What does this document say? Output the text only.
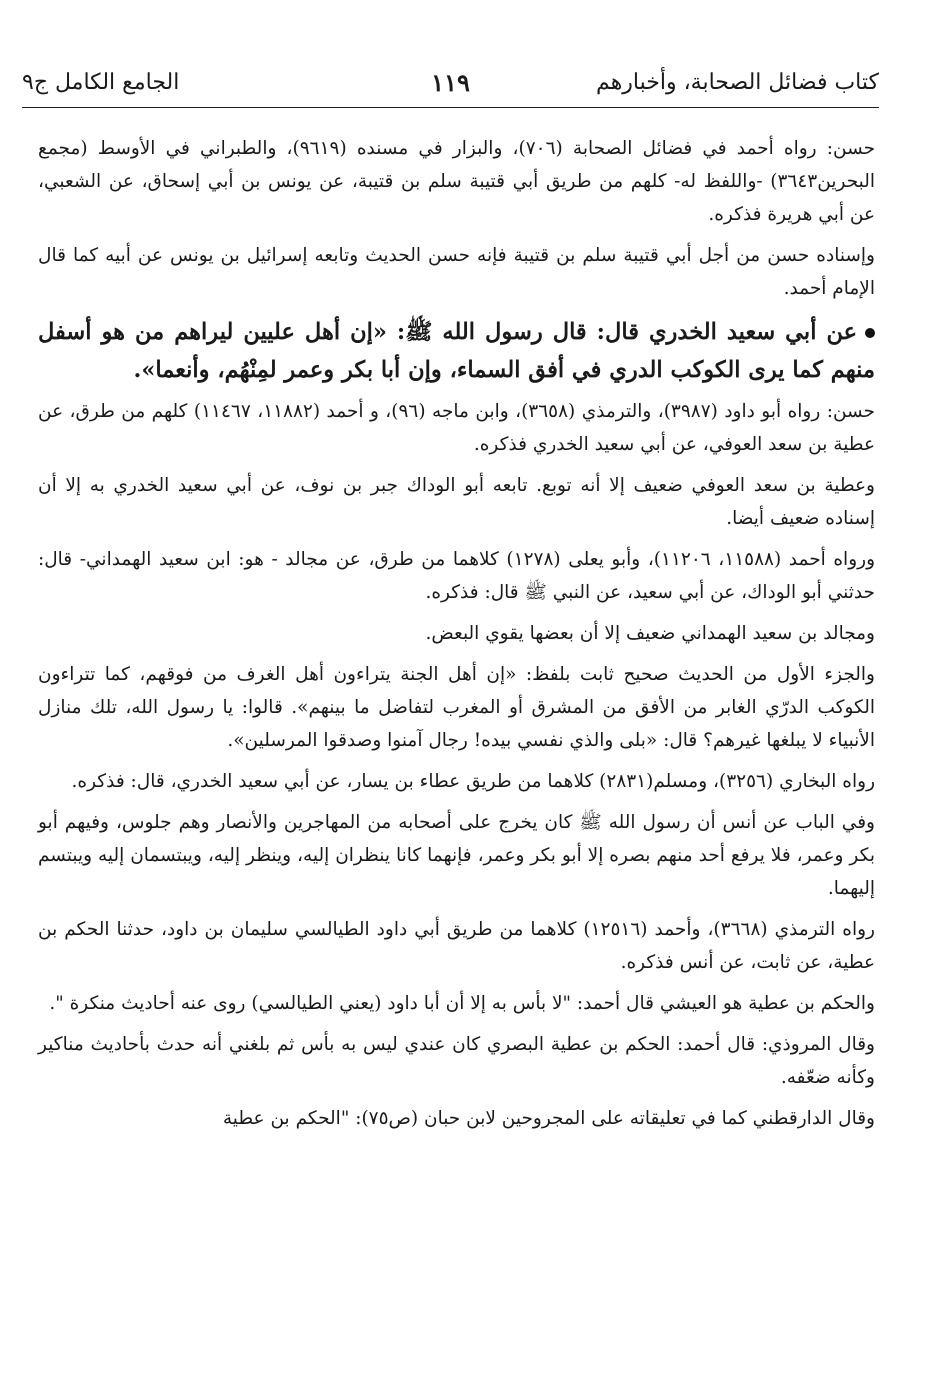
كتاب فضائل الصحابة، وأخبارهم
١١٩
الجامع الكامل ج٩

حسن: رواه أحمد في فضائل الصحابة (٧٠٦)، والبزار في مسنده (٩٦١٩)، والطبراني في الأوسط (مجمع البحرين٣٦٤٣) -واللفظ له- كلهم من طريق أبي قتيبة سلم بن قتيبة، عن يونس بن أبي إسحاق، عن الشعبي، عن أبي هريرة فذكره.

وإسناده حسن من أجل أبي قتيبة سلم بن قتيبة فإنه حسن الحديث وتابعه إسرائيل بن يونس عن أبيه كما قال الإمام أحمد.

عن أبي سعيد الخدري قال: قال رسول الله ﷺ: «إن أهل عليين ليراهم من هو أسفل منهم كما يرى الكوكب الدري في أفق السماء، وإن أبا بكر وعمر لمِنْهُم، وأنعما».

حسن: رواه أبو داود (٣٩٨٧)، والترمذي (٣٦٥٨)، وابن ماجه (٩٦)، و أحمد (١١٨٨٢، ١١٤٦٧) كلهم من طرق، عن عطية بن سعد العوفي، عن أبي سعيد الخدري فذكره.

وعطية بن سعد العوفي ضعيف إلا أنه توبع. تابعه أبو الوداك جبر بن نوف، عن أبي سعيد الخدري به إلا أن إسناده ضعيف أيضا.

ورواه أحمد (١١٥٨٨، ١١٢٠٦)، وأبو يعلى (١٢٧٨) كلاهما من طرق، عن مجالد - هو: ابن سعيد الهمداني- قال: حدثني أبو الوداك، عن أبي سعيد، عن النبي ﷺ قال: فذكره.

ومجالد بن سعيد الهمداني ضعيف إلا أن بعضها يقوي البعض.

والجزء الأول من الحديث صحيح ثابت بلفظ: «إن أهل الجنة يتراءون أهل الغرف من فوقهم، كما تتراءون الكوكب الدرّي الغابر من الأفق من المشرق أو المغرب لتفاضل ما بينهم». قالوا: يا رسول الله، تلك منازل الأنبياء لا يبلغها غيرهم؟ قال: «بلى والذي نفسي بيده! رجال آمنوا وصدقوا المرسلين».

رواه البخاري (٣٢٥٦)، ومسلم(٢٨٣١) كلاهما من طريق عطاء بن يسار، عن أبي سعيد الخدري، قال: فذكره.

وفي الباب عن أنس أن رسول الله ﷺ كان يخرج على أصحابه من المهاجرين والأنصار وهم جلوس، وفيهم أبو بكر وعمر، فلا يرفع أحد منهم بصره إلا أبو بكر وعمر، فإنهما كانا ينظران إليه، وينظر إليه، ويبتسمان إليه ويبتسم إليهما.

رواه الترمذي (٣٦٦٨)، وأحمد (١٢٥١٦) كلاهما من طريق أبي داود الطيالسي سليمان بن داود، حدثنا الحكم بن عطية، عن ثابت، عن أنس فذكره.

والحكم بن عطية هو العيشي قال أحمد: "لا بأس به إلا أن أبا داود (يعني الطيالسي) روى عنه أحاديث منكرة ".

وقال المروذي: قال أحمد: الحكم بن عطية البصري كان عندي ليس به بأس ثم بلغني أنه حدث بأحاديث مناكير وكأنه ضعّفه.

وقال الدارقطني كما في تعليقاته على المجروحين لابن حبان (ص٧٥): "الحكم بن عطية
